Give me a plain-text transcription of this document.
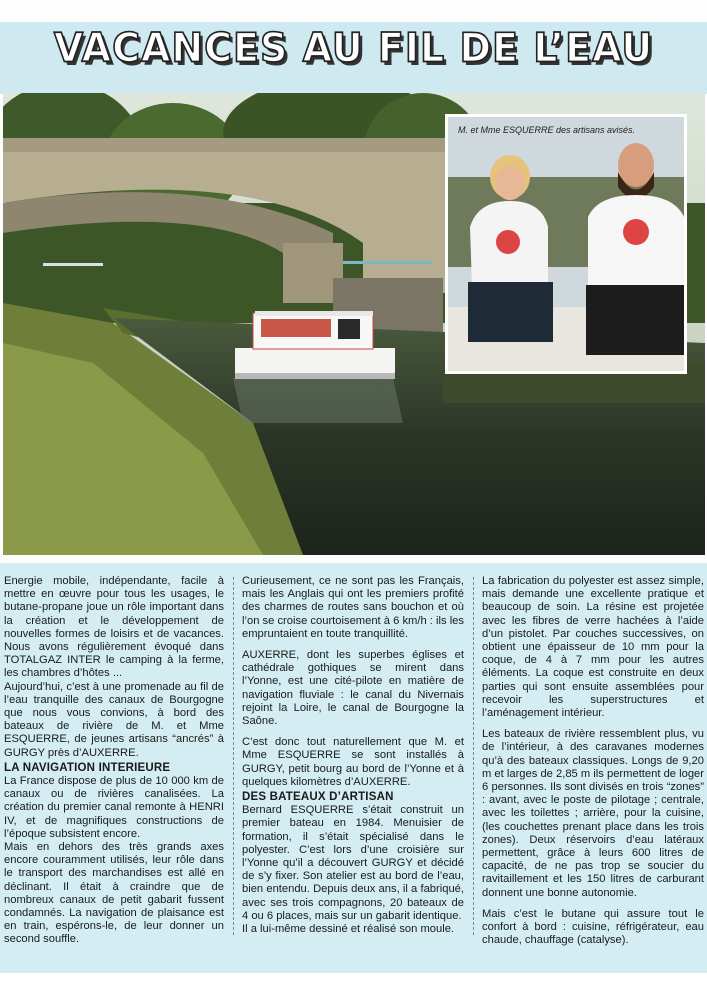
VACANCES AU FIL DE L’EAU
M. et Mme ESQUERRE des artisans avisés.

Energie mobile, indépendante, facile à mettre en œuvre pour tous les usages, le butane-propane joue un rôle important dans la création et le développement de nouvelles formes de loisirs et de vacances. Nous avons régulièrement évoqué dans TOTALGAZ INTER le camping à la ferme, les chambres d’hôtes ...

Aujourd’hui, c’est à une promenade au fil de l’eau tranquille des canaux de Bourgogne que nous vous convions, à bord des bateaux de rivière de M. et Mme ESQUERRE, de jeunes artisans “ancrés” à GURGY près d’AUXERRE.

LA NAVIGATION INTERIEURE

La France dispose de plus de 10 000 km de canaux ou de rivières canalisées. La création du premier canal remonte à HENRI IV, et de magnifiques constructions de l’époque subsistent encore.

Mais en dehors des très grands axes encore couramment utilisés, leur rôle dans le transport des marchandises est allé en déclinant. Il était à craindre que de nombreux canaux de petit gabarit fussent condamnés. La navigation de plaisance est en train, espérons-le, de leur donner un second souffle.

Curieusement, ce ne sont pas les Français, mais les Anglais qui ont les premiers profité des charmes de routes sans bouchon et où l’on se croise courtoisement à 6 km/h : ils les empruntaient en toute tranquillité.

AUXERRE, dont les superbes églises et cathédrale gothiques se mirent dans l’Yonne, est une cité-pilote en matière de navigation fluviale : le canal du Nivernais rejoint la Loire, le canal de Bourgogne la Saône.

C’est donc tout naturellement que M. et Mme ESQUERRE se sont installés à GURGY, petit bourg au bord de l’Yonne et à quelques kilomètres d’AUXERRE.

DES BATEAUX D’ARTISAN

Bernard ESQUERRE s’était construit un premier bateau en 1984. Menuisier de formation, il s’était spécialisé dans le polyester. C’est lors d’une croisière sur l’Yonne qu’il a découvert GURGY et décidé de s’y fixer. Son atelier est au bord de l’eau, bien entendu. Depuis deux ans, il a fabriqué, avec ses trois compagnons, 20 bateaux de 4 ou 6 places, mais sur un gabarit identique.

Il a lui-même dessiné et réalisé son moule.

La fabrication du polyester est assez simple, mais demande une excellente pratique et beaucoup de soin. La résine est projetée avec les fibres de verre hachées à l’aide d’un pistolet. Par couches successives, on obtient une épaisseur de 10 mm pour la coque, de 4 à 7 mm pour les autres éléments. La coque est construite en deux parties qui sont ensuite assemblées pour recevoir les superstructures et l’aménagement intérieur.

Les bateaux de rivière ressemblent plus, vu de l’intérieur, à des caravanes modernes qu’à des bateaux classiques. Longs de 9,20 m et larges de 2,85 m ils permettent de loger 6 personnes. Ils sont divisés en trois “zones” : avant, avec le poste de pilotage ; centrale, avec les toilettes ; arrière, pour la cuisine, (les couchettes prenant place dans les trois zones). Deux réservoirs d’eau latéraux permettent, grâce à leurs 600 litres de capacité, de ne pas trop se soucier du ravitaillement et les 150 litres de carburant donnent une bonne autonomie.

Mais c’est le butane qui assure tout le confort à bord : cuisine, réfrigérateur, eau chaude, chauffage (catalyse).
